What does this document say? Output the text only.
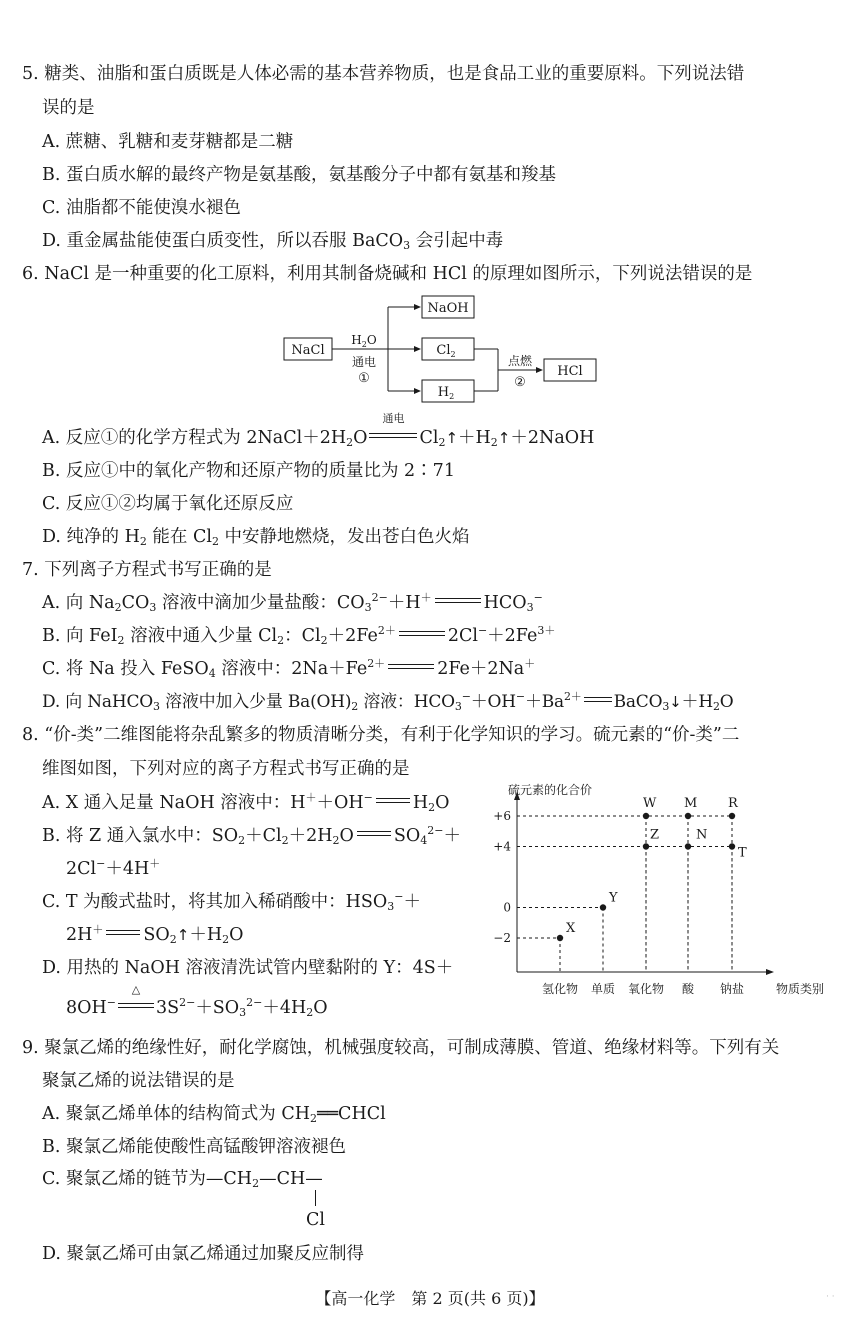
5. 糖类、油脂和蛋白质既是人体必需的基本营养物质，也是食品工业的重要原料。下列说法错
误的是
A. 蔗糖、乳糖和麦芽糖都是二糖
B. 蛋白质水解的最终产物是氨基酸，氨基酸分子中都有氨基和羧基
C. 油脂都不能使溴水褪色
D. 重金属盐能使蛋白质变性，所以吞服 BaCO$_3$ 会引起中毒
6. NaCl 是一种重要的化工原料，利用其制备烧碱和 HCl 的原理如图所示，下列说法错误的是
NaCl
$H_2O$
通电
①
NaOH
$Cl_2$
$H_2$
点燃
②
HCl
A. 反应①的化学方程式为 $2NaCl+2H_2O$
通电
$Cl_2↑+H_2↑+2NaOH$
B. 反应①中的氧化产物和还原产物的质量比为 2∶71
C. 反应①②均属于氧化还原反应
D. 纯净的 $H_2$ 能在 $Cl_2$ 中安静地燃烧，发出苍白色火焰
7. 下列离子方程式书写正确的是
A. 向 $Na_2CO_3$ 溶液中滴加少量盐酸：$CO_3^{2-}+H^+$	$HCO_3^-$
B. 向 FeI$_2$ 溶液中通入少量 $Cl_2$：$Cl_2+2Fe^{2+}$	$2Cl^-+2Fe^{3+}$
C. 将 Na 投入 FeSO$_4$ 溶液中：$2Na+Fe^{2+}$	2Fe＋2Na＋
D. 向 NaHCO$_3$ 溶液中加入少量 $Ba(OH)_2$ 溶液：$HCO_3^-+OH^-+Ba^{2+}$ $BaCO_3↓+H_2O$
8. “价-类”二维图能将杂乱繁多的物质清晰分类，有利于化学知识的学习。硫元素的“价-类”二
维图如图，下列对应的离子方程式书写正确的是
A. X 通入足量 NaOH 溶液中：H＋＋OH− $H_2O$
B. 将 Z 通入氯水中：$SO_2+Cl_2+2H_2O$ $SO_4^{2-}+$
2Cl−＋4H＋
C. T 为酸式盐时，将其加入稀硝酸中：$HSO_3^-+$
2H＋ $SO_2↑+H_2O$
D. 用热的 NaOH 溶液清洗试管内壁黏附的 Y：4S＋
8OH−
△
$3S^{2-}+SO_3^{2-}+4H_2O$
硫元素的化合价
物质类别
+6
+4
0
−2
氢化物 单质 氧化物 酸 钠盐
X
Y
Z
W
N
M
T
R
9. 聚氯乙烯的绝缘性好，耐化学腐蚀，机械强度较高，可制成薄膜、管道、绝缘材料等。下列有关
聚氯乙烯的说法错误的是
A. 聚氯乙烯单体的结构简式为 $CH_2══CHCl$
B. 聚氯乙烯能使酸性高锰酸钾溶液褪色
C. 聚氯乙烯的链节为$—CH_2—CH—$
Cl
D. 聚氯乙烯可由氯乙烯通过加聚反应制得
【高一化学　第 2 页(共 6 页)】	· ·
